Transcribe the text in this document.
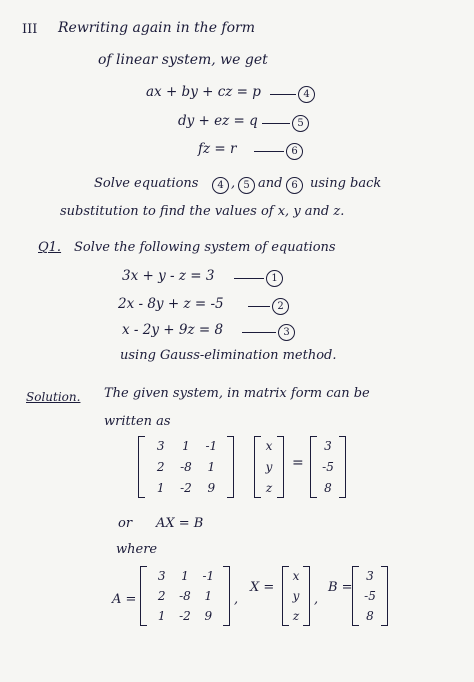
III Rewriting again in the form
of linear system, we get
ax + by + cz = p	4
dy + ez = q	5
fz = r	6
Solve equations	4 , 5 and 6 using back
substitution to find the values of x, y and z.
Q1. Solve the following system of equations
3x + y - z = 3	1
2x - 8y + z = -5	2
x - 2y + 9z = 8	3
using Gauss-elimination method.
Solution. The given system, in matrix form can be
written as
3 1 -1
2 -8 1
1 -2 9
x
y
z
=
3
-5
8
or AX = B
where
A =
3 1 -1
2 -8 1
1 -2 9
,
X =
x
y
z
,
B =
3
-5
8
